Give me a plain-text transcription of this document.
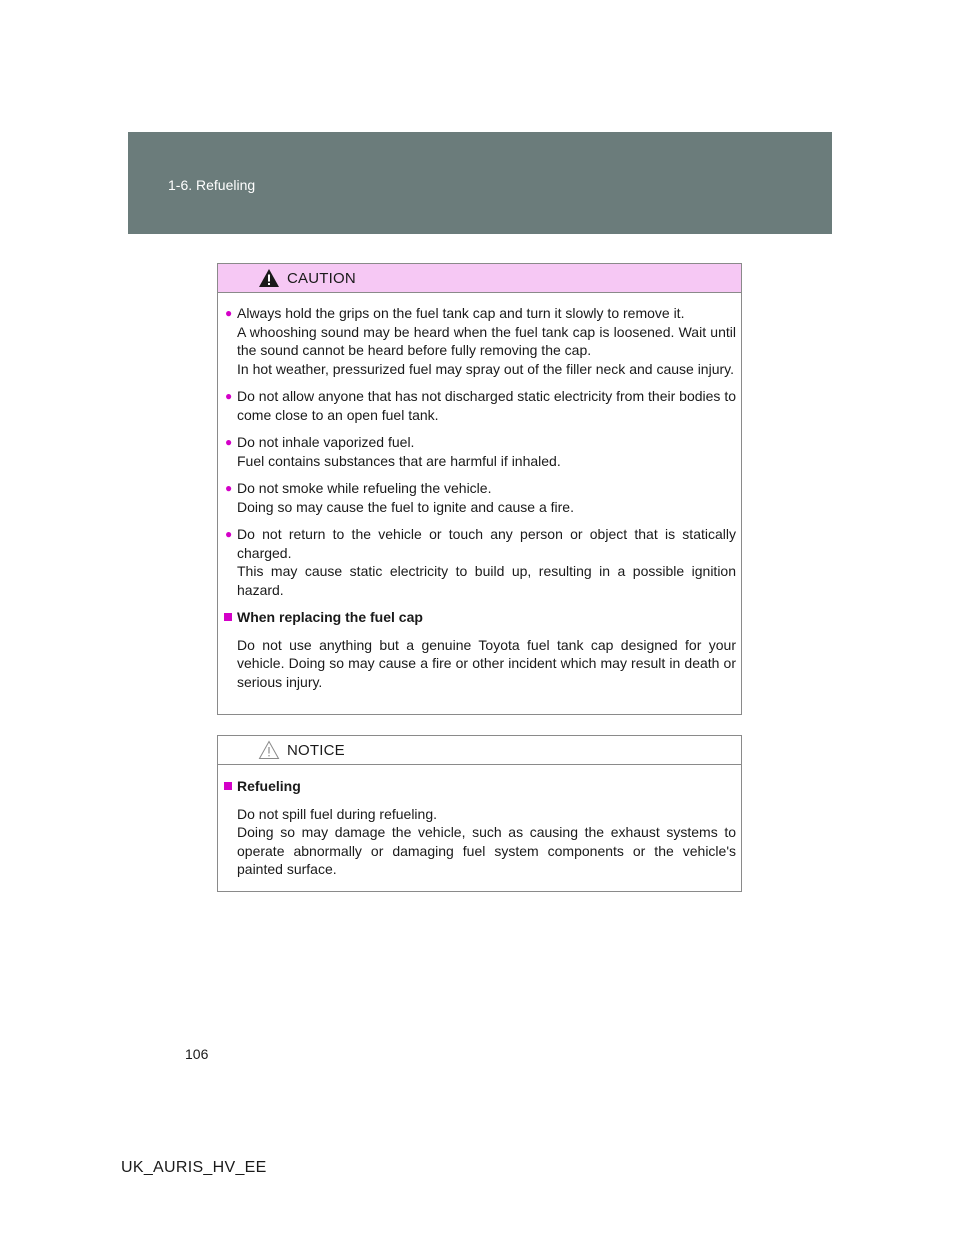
1-6. Refueling
CAUTION
● Always hold the grips on the fuel tank cap and turn it slowly to remove it.

A whooshing sound may be heard when the fuel tank cap is loosened. Wait until the sound cannot be heard before fully removing the cap.

In hot weather, pressurized fuel may spray out of the filler neck and cause injury.

● Do not allow anyone that has not discharged static electricity from their bodies to come close to an open fuel tank.

● Do not inhale vaporized fuel.

Fuel contains substances that are harmful if inhaled.

● Do not smoke while refueling the vehicle.

Doing so may cause the fuel to ignite and cause a fire.

● Do not return to the vehicle or touch any person or object that is statically charged.

This may cause static electricity to build up, resulting in a possible ignition hazard.

When replacing the fuel cap

Do not use anything but a genuine Toyota fuel tank cap designed for your vehicle. Doing so may cause a fire or other incident which may result in death or serious injury.

NOTICE
Refueling

Do not spill fuel during refueling.

Doing so may damage the vehicle, such as causing the exhaust systems to operate abnormally or damaging fuel system components or the vehicle's painted surface.

106
UK_AURIS_HV_EE
